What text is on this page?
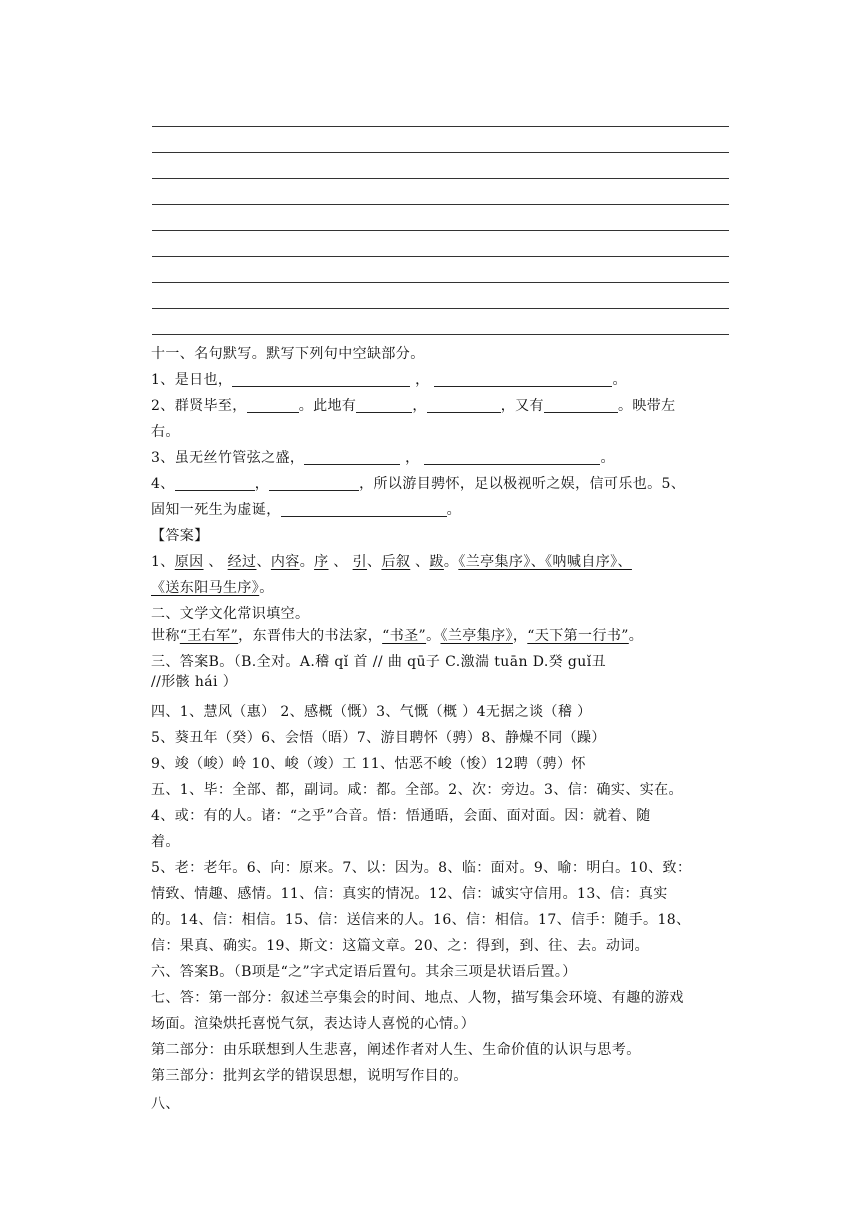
十一、名句默写。默写下列句中空缺部分。
1、是日也，	，	。
2、群贤毕至，	。此地有	，	，又有	。映带左
右。
3、虽无丝竹管弦之盛，	，	。
4、	，	，所以游目骋怀，足以极视听之娱，信可乐也。5、
固知一死生为虚诞，	。
【答案】
1、原因 、 经过、内容。序 、 引、后叙 、跋。《兰亭集序》、《呐喊自序》、
《送东阳马生序》。
二、文学文化常识填空。
世称“王右军”，东晋伟大的书法家，“书圣”。《兰亭集序》，“天下第一行书”。
三、答案B。（B.全对。A.稽 qǐ 首 // 曲 qū子 C.激湍 tuān D.癸 guǐ丑
//形骸 hái ）
四、1、慧风（惠） 2、感概（慨）3、气慨（概 ）4无据之谈（稽 ）
5、葵丑年（癸）6、会悟（晤）7、游目聘怀（骋）8、静燥不同（躁）
9、竣（峻）岭 10、峻（竣）工 11、怙恶不峻（悛）12聘（骋）怀
五、1、毕：全部、都，副词。咸：都。全部。2、次：旁边。3、信：确实、实在。
4、或：有的人。诸：“之乎”合音。悟：悟通晤，会面、面对面。因：就着、随
着。
5、老：老年。6、向：原来。7、以：因为。8、临：面对。9、喻：明白。10、致：
情致、情趣、感情。11、信：真实的情况。12、信：诚实守信用。13、信：真实
的。14、信：相信。15、信：送信来的人。16、信：相信。17、信手：随手。18、
信：果真、确实。19、斯文：这篇文章。20、之：得到，到、往、去。动词。
六、答案B。（B项是“之”字式定语后置句。其余三项是状语后置。）
七、答：第一部分：叙述兰亭集会的时间、地点、人物，描写集会环境、有趣的游戏
场面。渲染烘托喜悦气氛，表达诗人喜悦的心情。）
第二部分：由乐联想到人生悲喜，阐述作者对人生、生命价值的认识与思考。
第三部分：批判玄学的错误思想，说明写作目的。
八、
